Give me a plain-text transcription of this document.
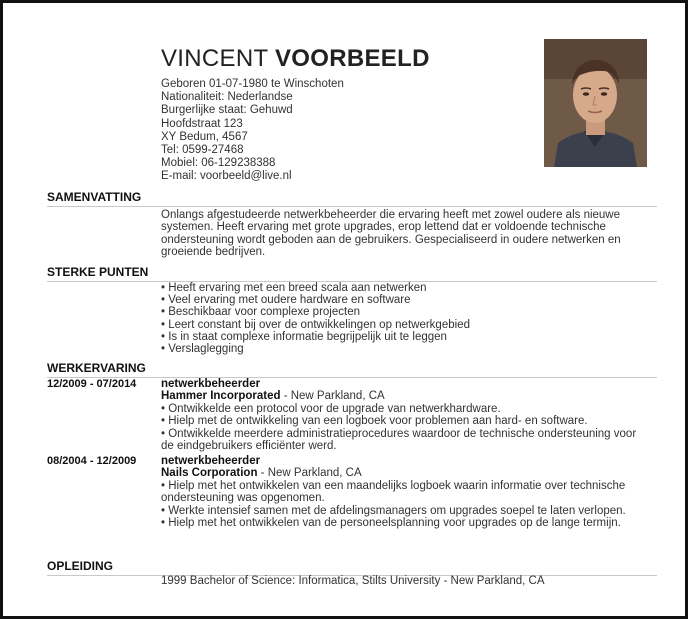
VINCENT VOORBEELD
Geboren 01-07-1980 te Winschoten
Nationaliteit: Nederlandse
Burgerlijke staat: Gehuwd
Hoofdstraat 123
XY Bedum, 4567
Tel: 0599-27468
Mobiel: 06-129238388
E-mail: voorbeeld@live.nl
SAMENVATTING
Onlangs afgestudeerde netwerkbeheerder die ervaring heeft met zowel oudere als nieuwe systemen. Heeft ervaring met grote upgrades, erop lettend dat er voldoende technische ondersteuning wordt geboden aan de gebruikers. Gespecialiseerd in oudere netwerken en groeiende bedrijven.
STERKE PUNTEN
• Heeft ervaring met een breed scala aan netwerken
• Veel ervaring met oudere hardware en software
• Beschikbaar voor complexe projecten
• Leert constant bij over de ontwikkelingen op netwerkgebied
• Is in staat complexe informatie begrijpelijk uit te leggen
• Verslaglegging
WERKERVARING
12/2009 - 07/2014 netwerkbeheerder
Hammer Incorporated - New Parkland, CA
• Ontwikkelde een protocol voor de upgrade van netwerkhardware.
• Hielp met de ontwikkeling van een logboek voor problemen aan hard- en software.
• Ontwikkelde meerdere administratieprocedures waardoor de technische ondersteuning voor de eindgebruikers efficiënter werd.
08/2004 - 12/2009 netwerkbeheerder
Nails Corporation - New Parkland, CA
• Hielp met het ontwikkelen van een maandelijks logboek waarin informatie over technische ondersteuning was opgenomen.
• Werkte intensief samen met de afdelingsmanagers om upgrades soepel te laten verlopen.
• Hielp met het ontwikkelen van de personeelsplanning voor upgrades op de lange termijn.
OPLEIDING
1999 Bachelor of Science: Informatica, Stilts University - New Parkland, CA
